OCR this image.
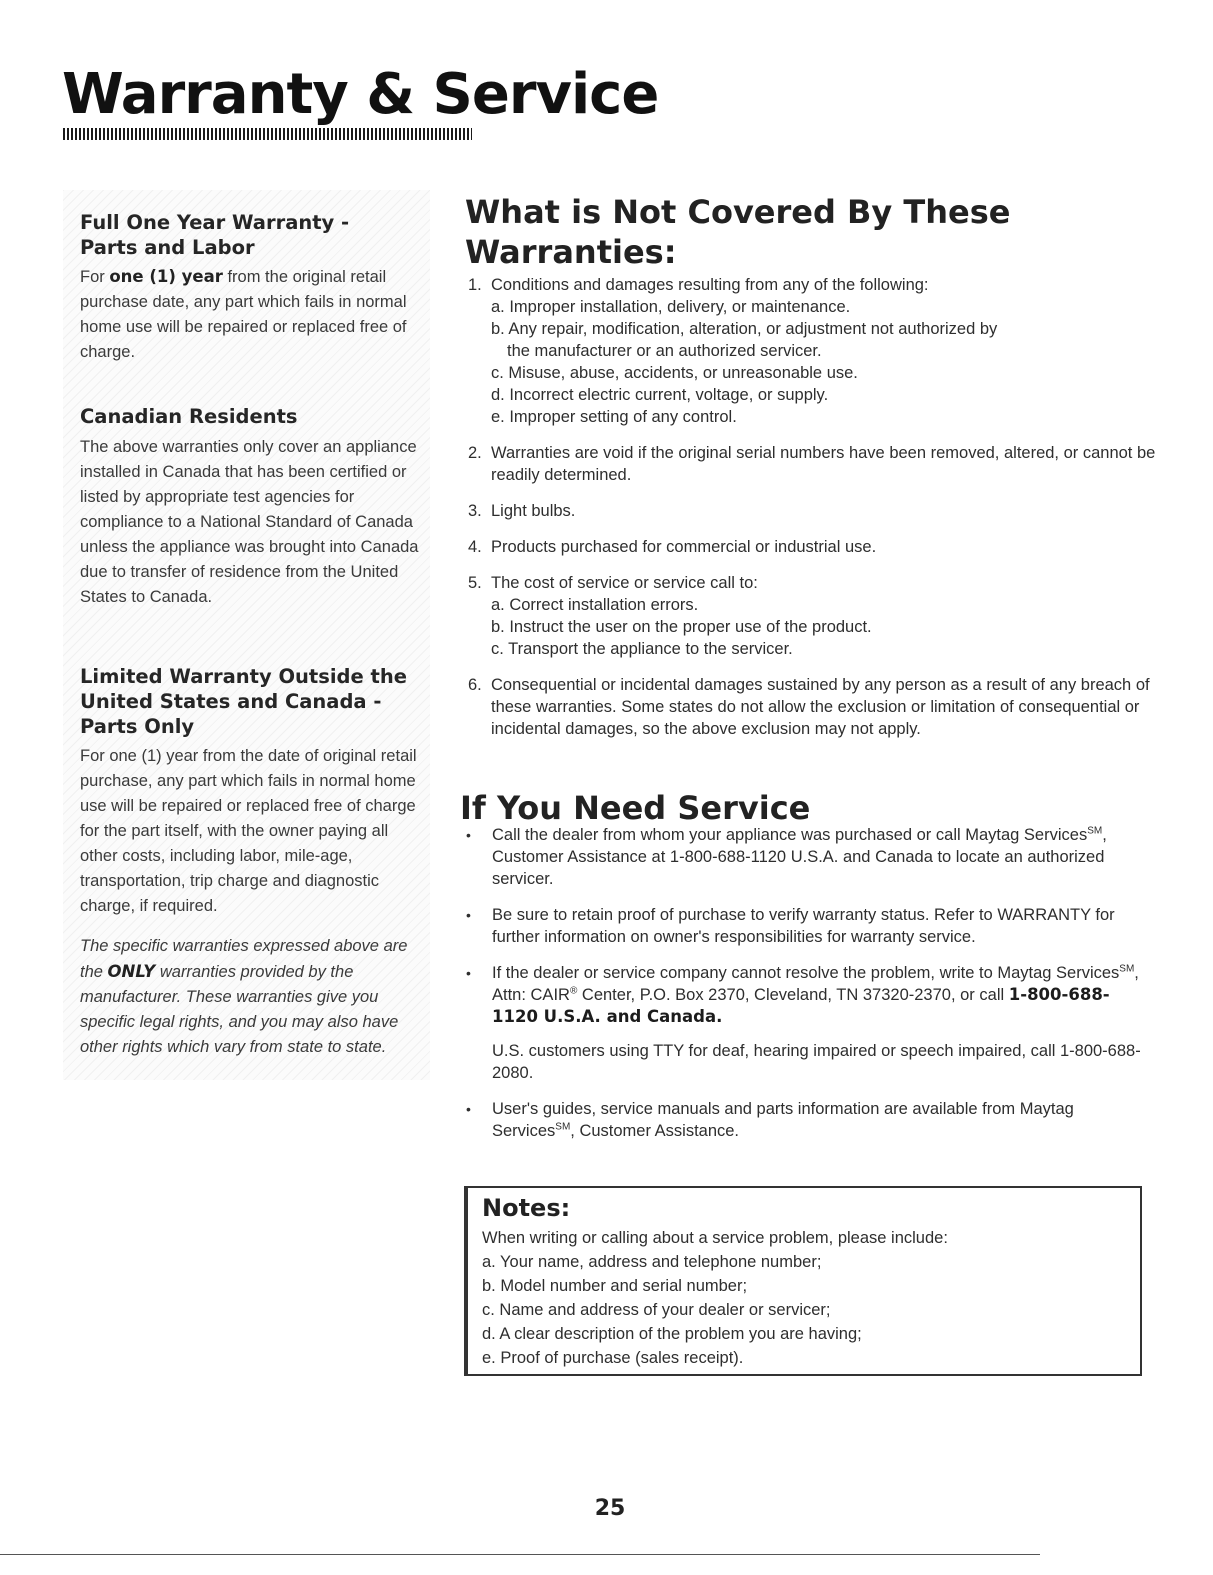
Warranty & Service
Full One Year Warranty -
Parts and Labor

For one (1) year from the original retail purchase date, any part which fails in normal home use will be repaired or replaced free of charge.

Canadian Residents

The above warranties only cover an appliance installed in Canada that has been certified or listed by appropriate test agencies for compliance to a National Standard of Canada unless the appliance was brought into Canada due to transfer of residence from the United States to Canada.

Limited Warranty Outside the
United States and Canada -
Parts Only

For one (1) year from the date of original retail purchase, any part which fails in normal home use will be repaired or replaced free of charge for the part itself, with the owner paying all other costs, including labor, mile-age, transportation, trip charge and diagnostic charge, if required.

The specific warranties expressed above are the ONLY warranties provided by the manufacturer. These warranties give you specific legal rights, and you may also have other rights which vary from state to state.

What is Not Covered By These
Warranties:
1. Conditions and damages resulting from any of the following:
a. Improper installation, delivery, or maintenance.
b. Any repair, modification, alteration, or adjustment not authorized by
the manufacturer or an authorized servicer.
c. Misuse, abuse, accidents, or unreasonable use.
d. Incorrect electric current, voltage, or supply.
e. Improper setting of any control.
2. Warranties are void if the original serial numbers have been removed, altered, or cannot be readily determined.
3. Light bulbs.
4. Products purchased for commercial or industrial use.
5. The cost of service or service call to:
a. Correct installation errors.
b. Instruct the user on the proper use of the product.
c. Transport the appliance to the servicer.
6. Consequential or incidental damages sustained by any person as a result of any breach of these warranties. Some states do not allow the exclusion or limitation of consequential or incidental damages, so the above exclusion may not apply.
If You Need Service
• Call the dealer from whom your appliance was purchased or call Maytag Services℠, Customer Assistance at 1-800-688-1120 U.S.A. and Canada to locate an authorized servicer.

• Be sure to retain proof of purchase to verify warranty status. Refer to WARRANTY for further information on owner's responsibilities for warranty service.

• If the dealer or service company cannot resolve the problem, write to Maytag Services℠, Attn: CAIR® Center, P.O. Box 2370, Cleveland, TN 37320-2370, or call 1-800-688-1120 U.S.A. and Canada.

U.S. customers using TTY for deaf, hearing impaired or speech impaired, call 1-800-688-2080.

• User's guides, service manuals and parts information are available from Maytag Services℠, Customer Assistance.

Notes:
When writing or calling about a service problem, please include:
a. Your name, address and telephone number;
b. Model number and serial number;
c. Name and address of your dealer or servicer;
d. A clear description of the problem you are having;
e. Proof of purchase (sales receipt).
25
